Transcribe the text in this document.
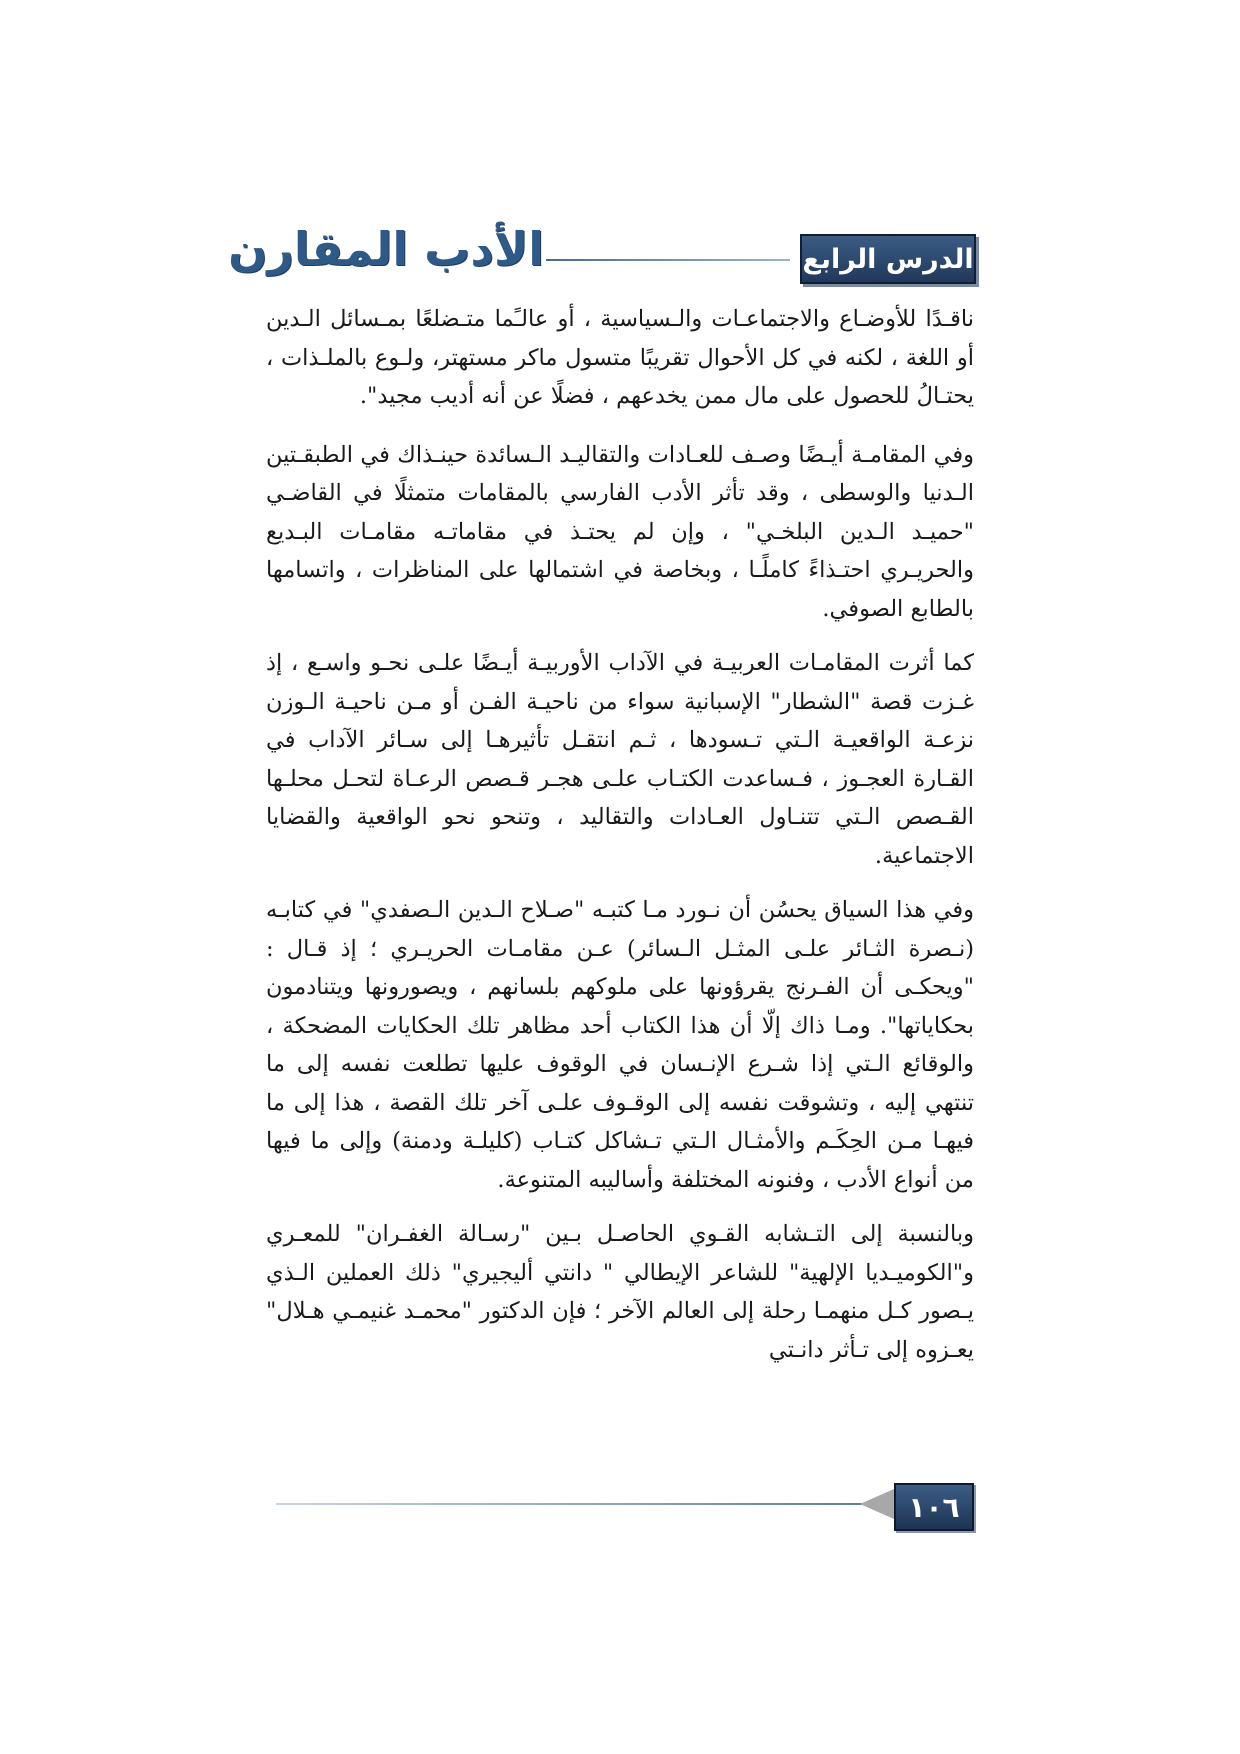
الدرس الرابع
الأدب المقارن

ناقـدًا للأوضـاع والاجتماعـات والـسياسية ، أو عالـًما متـضلعًا بمـسائل الـدين أو اللغة ، لكنه في كل الأحوال تقريبًا متسول ماكر مستهتر، ولـوع بالملـذات ، يحتـالُ للحصول على مال ممن يخدعهم ، فضلًا عن أنه أديب مجيد".

وفي المقامـة أيـضًا وصـف للعـادات والتقاليـد الـسائدة حينـذاك في الطبقـتين الـدنيا والوسطى ، وقد تأثر الأدب الفارسي بالمقامات متمثلًا في القاضـي "حميـد الـدين البلخـي" ، وإن لم يحتـذ في مقاماتـه مقامـات البـديع والحريـري احتـذاءً كاملًـا ، وبخاصة في اشتمالها على المناظرات ، واتسامها بالطابع الصوفي.

كما أثرت المقامـات العربيـة في الآداب الأوربيـة أيـضًا علـى نحـو واسـع ، إذ غـزت قصة "الشطار" الإسبانية سواء من ناحيـة الفـن أو مـن ناحيـة الـوزن نزعـة الواقعيـة الـتي تـسودها ، ثـم انتقـل تأثيرهـا إلى سـائر الآداب في القـارة العجـوز ، فـساعدت الكتـاب علـى هجـر قـصص الرعـاة لتحـل محلـها القـصص الـتي تتنـاول العـادات والتقاليد ، وتنحو نحو الواقعية والقضايا الاجتماعية.

وفي هذا السياق يحسُن أن نـورد مـا كتبـه "صـلاح الـدين الـصفدي" في كتابـه (نـصرة الثـائر علـى المثـل الـسائر) عـن مقامـات الحريـري ؛ إذ قـال : "ويحكـى أن الفـرنج يقرؤونها على ملوكهم بلسانهم ، ويصورونها ويتنادمون بحكاياتها". ومـا ذاك إلّا أن هذا الكتاب أحد مظاهر تلك الحكايات المضحكة ، والوقائع الـتي إذا شـرع الإنـسان في الوقوف عليها تطلعت نفسه إلى ما تنتهي إليه ، وتشوقت نفسه إلى الوقـوف علـى آخر تلك القصة ، هذا إلى ما فيهـا مـن الحِكَـم والأمثـال الـتي تـشاكل كتـاب (كليلـة ودمنة) وإلى ما فيها من أنواع الأدب ، وفنونه المختلفة وأساليبه المتنوعة.

وبالنسبة إلى التـشابه القـوي الحاصـل بـين "رسـالة الغفـران" للمعـري و"الكوميـديا الإلهية" للشاعر الإيطالي " دانتي أليجيري" ذلك العملين الـذي يـصور كـل منهمـا رحلة إلى العالم الآخر ؛ فإن الدكتور "محمـد غنيمـي هـلال" يعـزوه إلى تـأثر دانـتي

١٠٦
